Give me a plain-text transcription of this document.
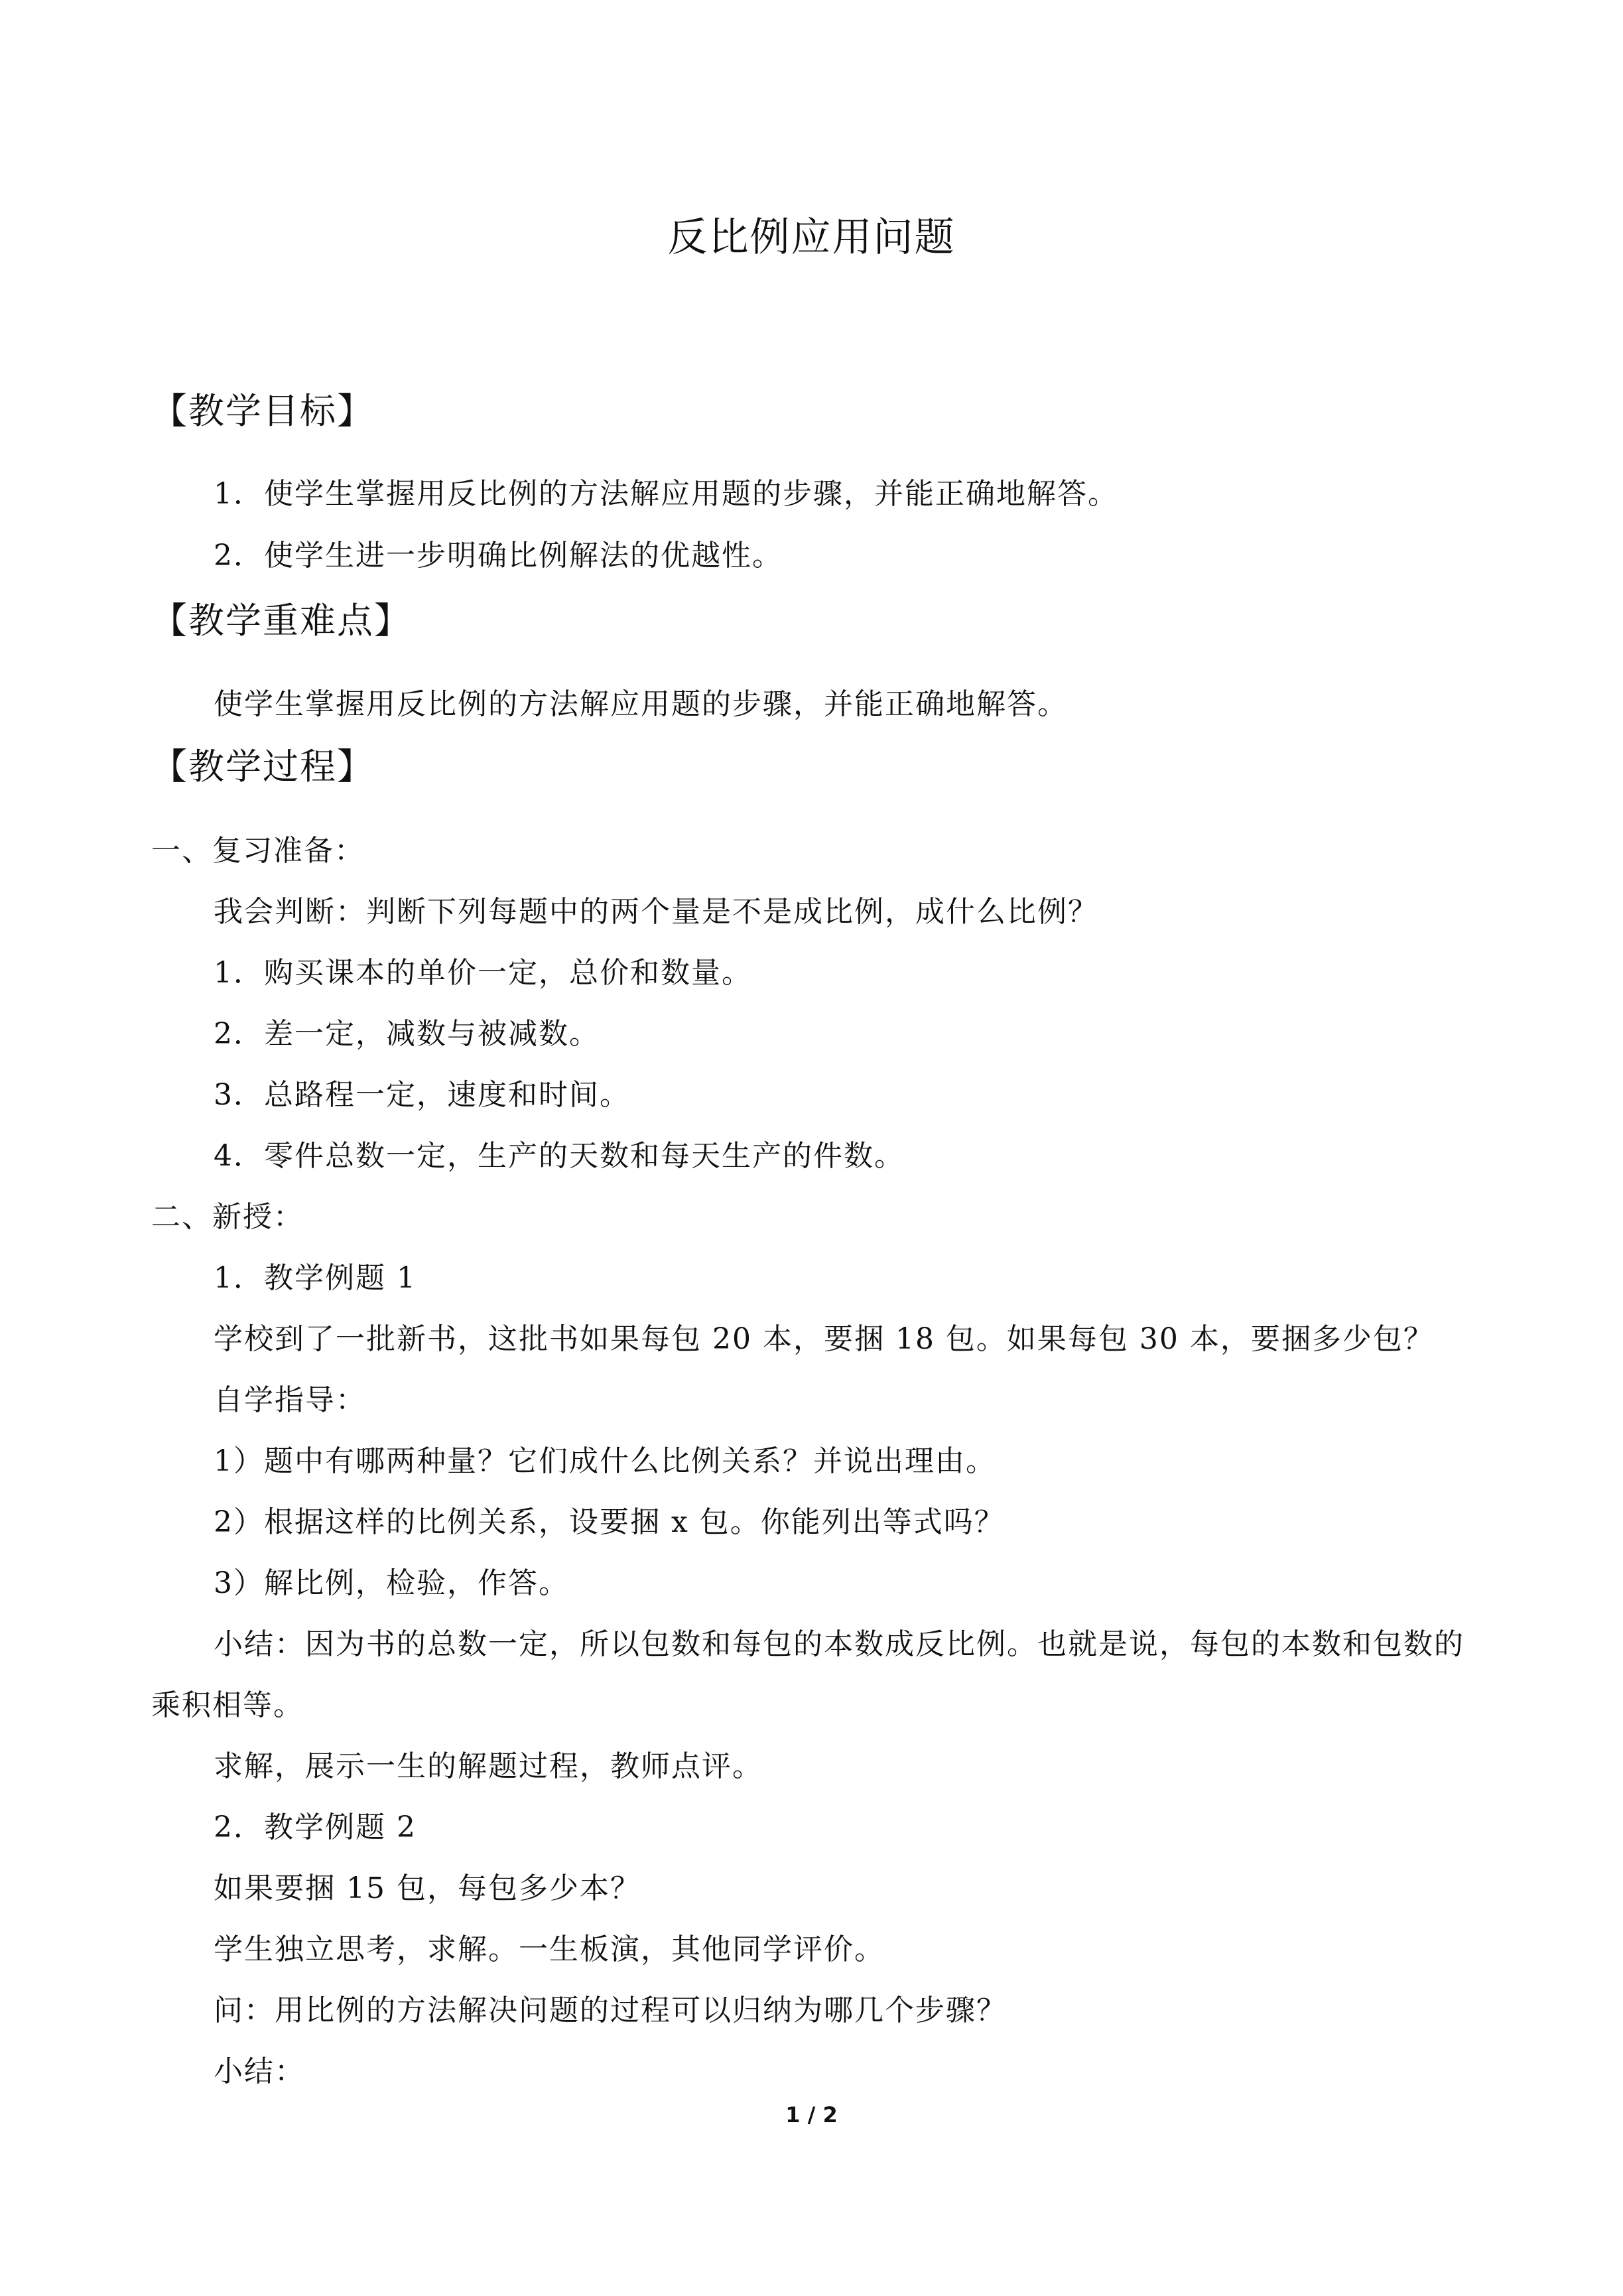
反比例应用问题
【教学目标】

1．使学生掌握用反比例的方法解应用题的步骤，并能正确地解答。

2．使学生进一步明确比例解法的优越性。

【教学重难点】

使学生掌握用反比例的方法解应用题的步骤，并能正确地解答。

【教学过程】

一、复习准备：

我会判断：判断下列每题中的两个量是不是成比例，成什么比例？

1．购买课本的单价一定，总价和数量。

2．差一定，减数与被减数。

3．总路程一定，速度和时间。

4．零件总数一定，生产的天数和每天生产的件数。

二、新授：

1．教学例题 1

学校到了一批新书，这批书如果每包 20 本，要捆 18 包。如果每包 30 本，要捆多少包？

自学指导：

1）题中有哪两种量？它们成什么比例关系？并说出理由。

2）根据这样的比例关系，设要捆 x 包。你能列出等式吗？

3）解比例，检验，作答。

小结：因为书的总数一定，所以包数和每包的本数成反比例。也就是说，每包的本数和包数的乘积相等。

求解，展示一生的解题过程，教师点评。

2．教学例题 2

如果要捆 15 包，每包多少本？

学生独立思考，求解。一生板演，其他同学评价。

问：用比例的方法解决问题的过程可以归纳为哪几个步骤？

小结：

1 / 2
